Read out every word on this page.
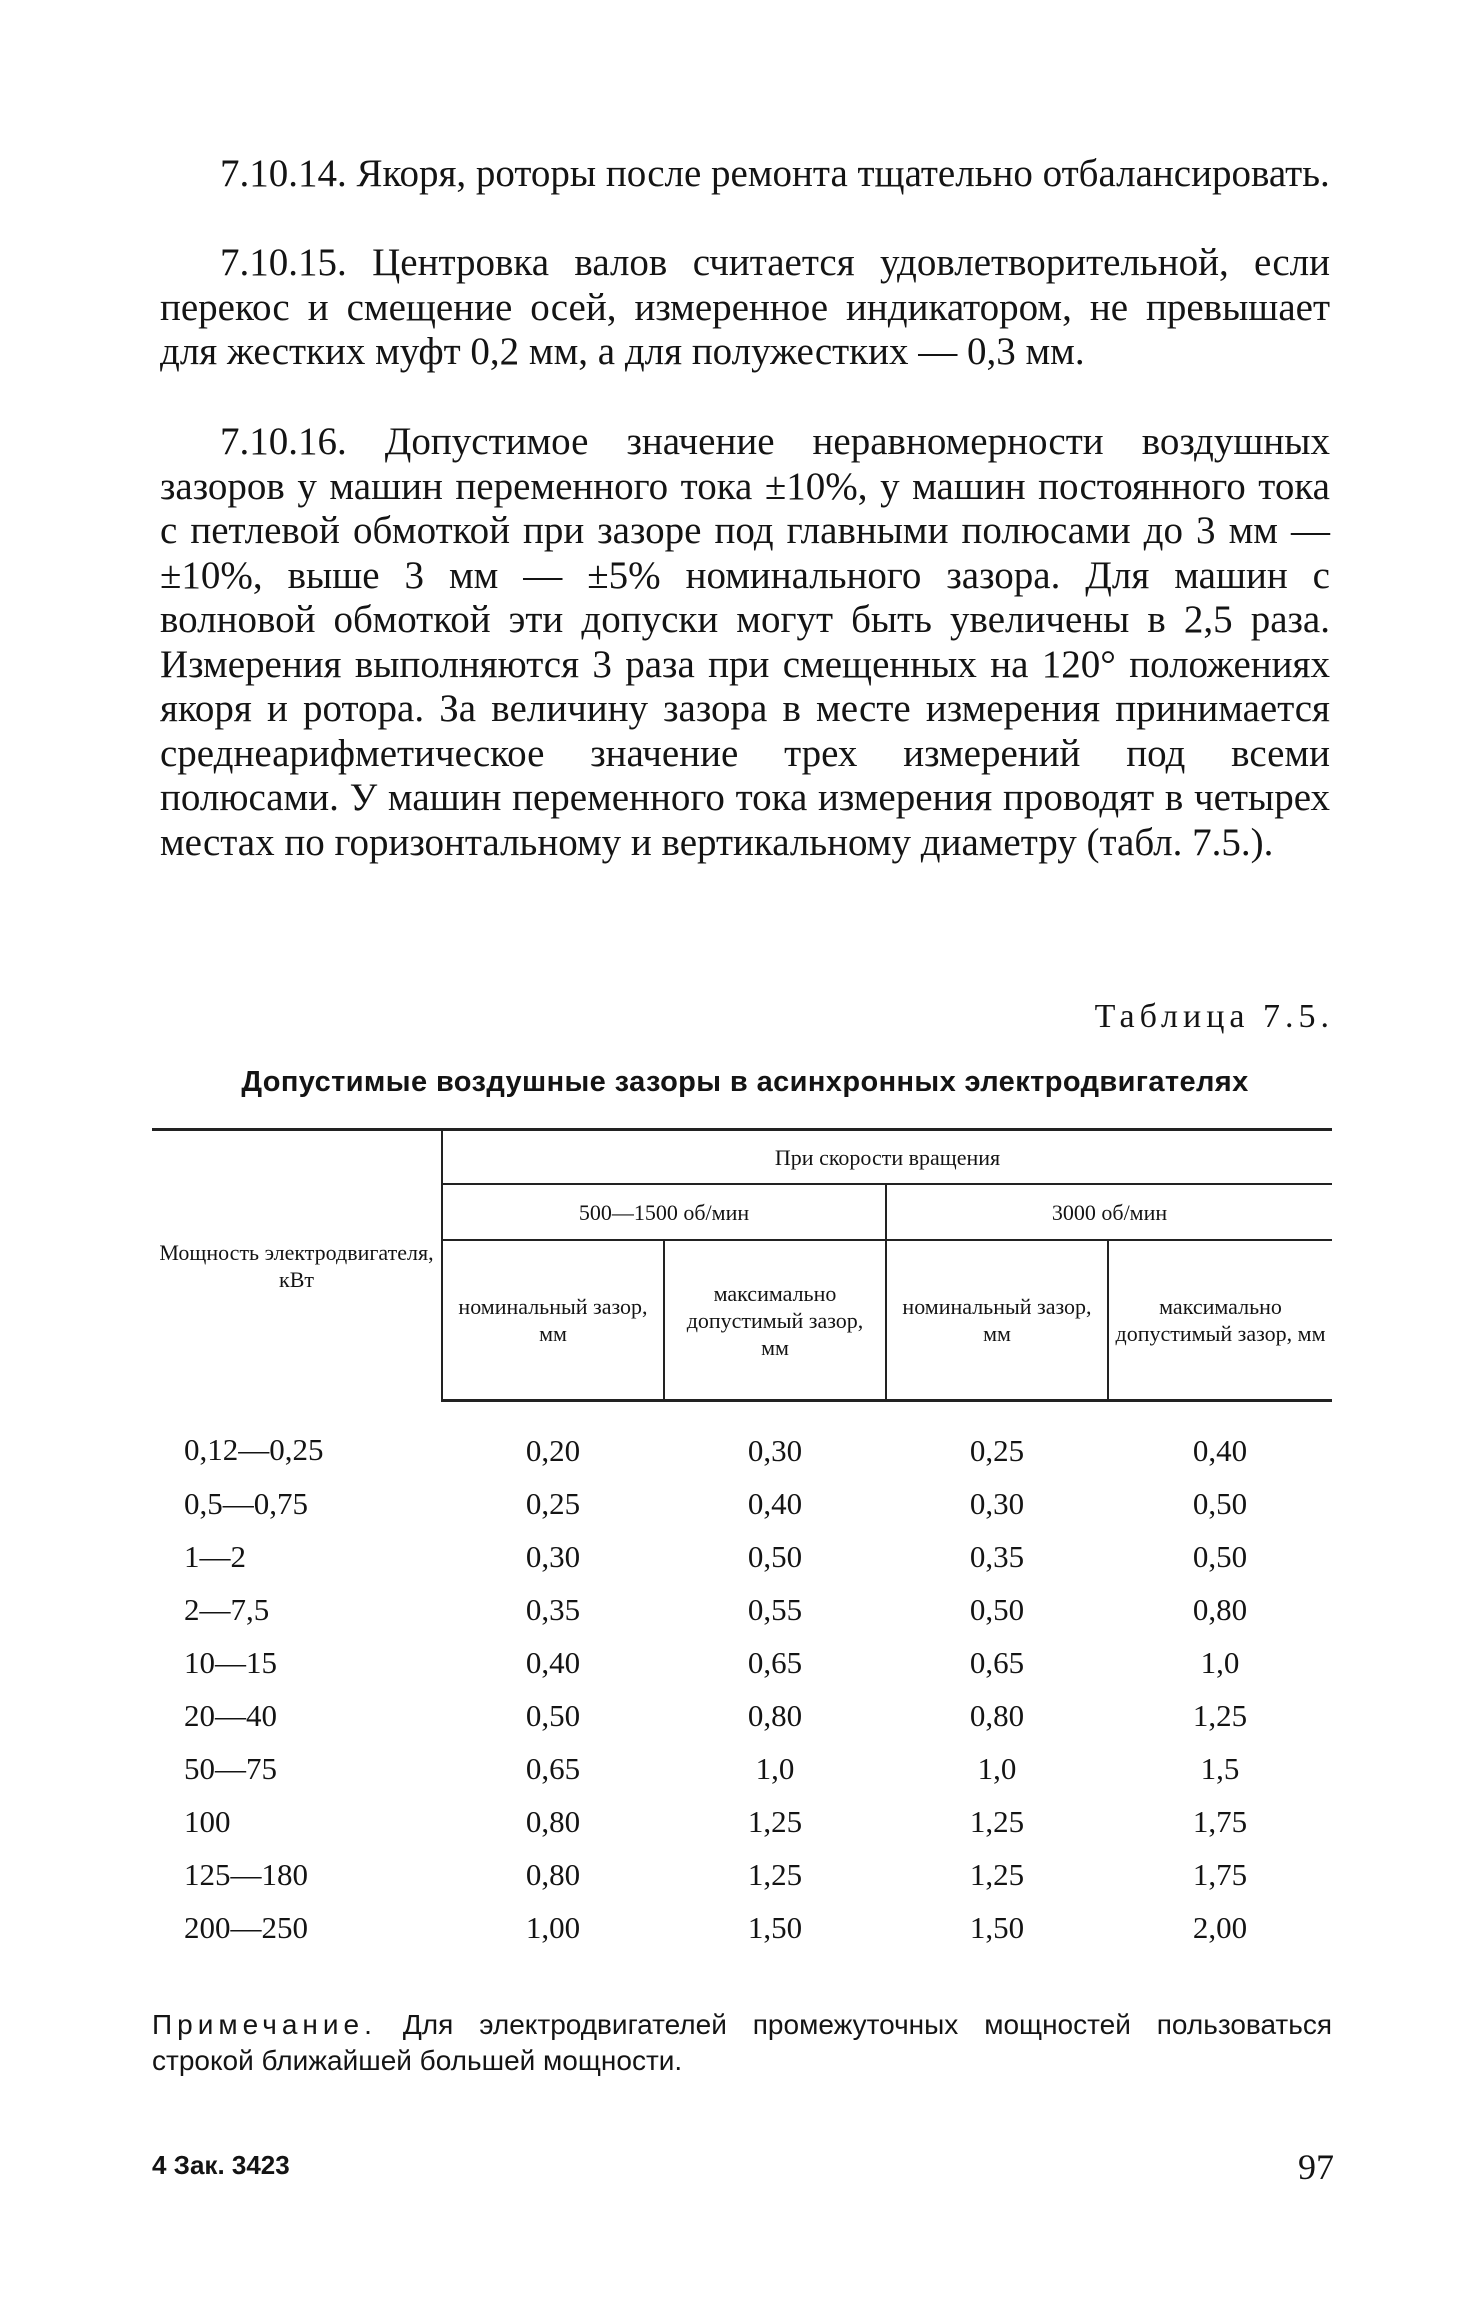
7.10.14. Якоря, роторы после ремонта тщательно отбалансировать.

7.10.15. Центровка валов считается удовлетворительной, если перекос и смещение осей, измеренное индикатором, не превышает для жестких муфт 0,2 мм, а для полужестких — 0,3 мм.

7.10.16. Допустимое значение неравномерности воздушных зазоров у машин переменного тока ±10%, у машин постоянного тока с петлевой обмоткой при зазоре под главными полюсами до 3 мм — ±10%, выше 3 мм — ±5% номинального зазора. Для машин с волновой обмоткой эти допуски могут быть увеличены в 2,5 раза. Измерения выполняются 3 раза при смещенных на 120° положениях якоря и ротора. За величину зазора в месте измерения принимается среднеарифметическое значение трех измерений под всеми полюсами. У машин переменного тока измерения проводят в четырех местах по горизонтальному и вертикальному диаметру (табл. 7.5.).

Таблица 7.5.
Допустимые воздушные зазоры в асинхронных электродвигателях
Мощность электродвигателя, кВт	При скорости вращения			
	500—1500 об/мин		3000 об/мин	
	номинальный зазор, мм	максимально допустимый зазор, мм	номинальный зазор, мм	максимально допустимый зазор, мм
0,12—0,25	0,20	0,30	0,25	0,40
0,5—0,75	0,25	0,40	0,30	0,50
1—2	0,30	0,50	0,35	0,50
2—7,5	0,35	0,55	0,50	0,80
10—15	0,40	0,65	0,65	1,0
20—40	0,50	0,80	0,80	1,25
50—75	0,65	1,0	1,0	1,5
100	0,80	1,25	1,25	1,75
125—180	0,80	1,25	1,25	1,75
200—250	1,00	1,50	1,50	2,00

Примечание. Для электродвигателей промежуточных мощностей пользоваться строкой ближайшей большей мощности.

4 Зак. 3423	97
